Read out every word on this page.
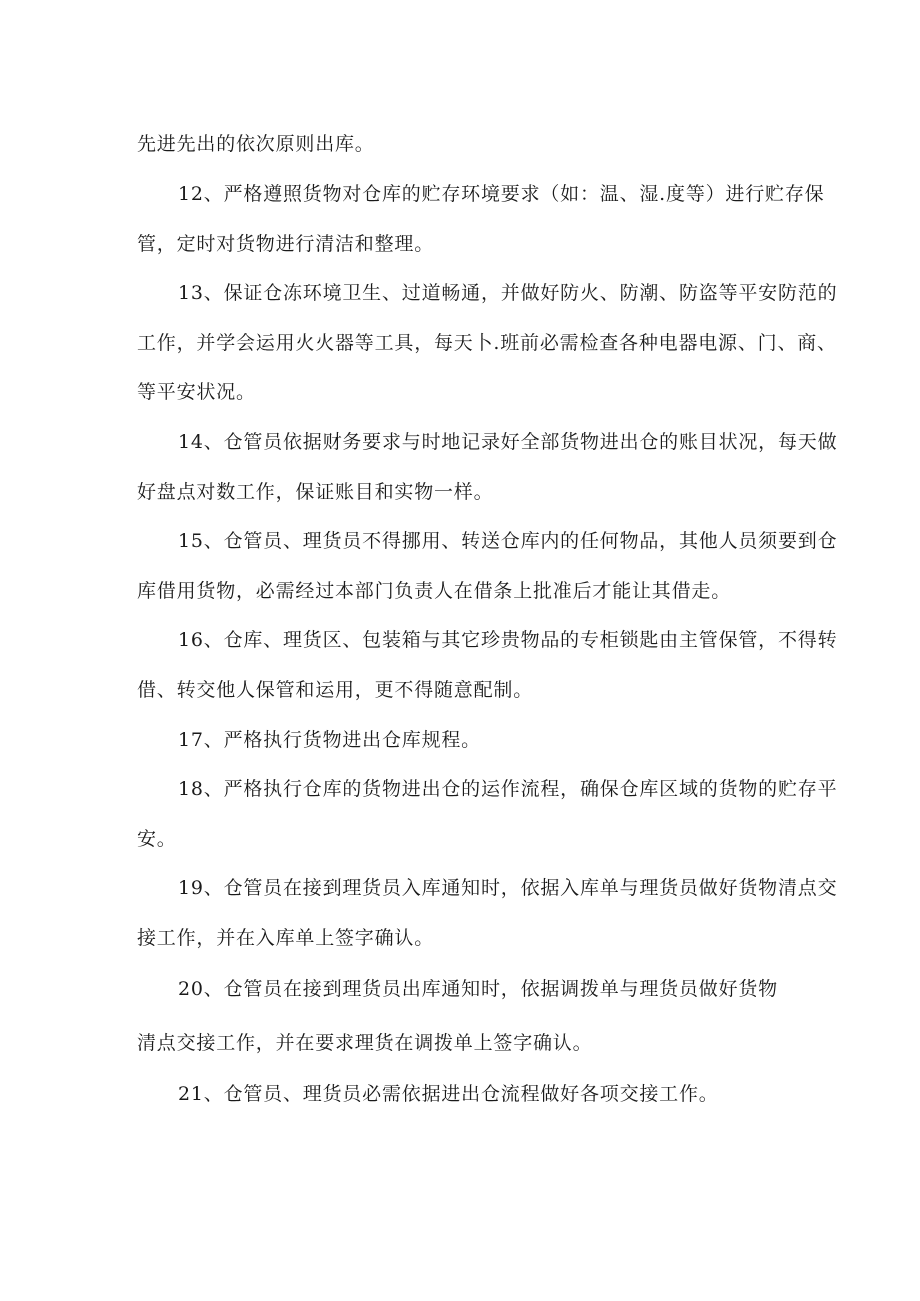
先进先出的依次原则出库。
12、严格遵照货物对仓库的贮存环境要求（如：温、湿.度等）进行贮存保
管，定时对货物进行清洁和整理。
13、保证仓冻环境卫生、过道畅通，并做好防火、防潮、防盗等平安防范的
工作，并学会运用火火器等工具，每天卜.班前必需检查各种电器电源、门、商、
等平安状况。
14、仓管员依据财务要求与时地记录好全部货物进出仓的账目状况，每天做
好盘点对数工作，保证账目和实物一样。
15、仓管员、理货员不得挪用、转送仓库内的任何物品，其他人员须要到仓
库借用货物，必需经过本部门负责人在借条上批准后才能让其借走。
16、仓库、理货区、包装箱与其它珍贵物品的专柜锁匙由主管保管，不得转
借、转交他人保管和运用，更不得随意配制。
17、严格执行货物进出仓库规程。
18、严格执行仓库的货物进出仓的运作流程，确保仓库区域的货物的贮存平
安。
19、仓管员在接到理货员入库通知时，依据入库单与理货员做好货物清点交
接工作，并在入库单上签字确认。
20、仓管员在接到理货员出库通知时，依据调拨单与理货员做好货物
清点交接工作，并在要求理货在调拨单上签字确认。
21、仓管员、理货员必需依据进出仓流程做好各项交接工作。
